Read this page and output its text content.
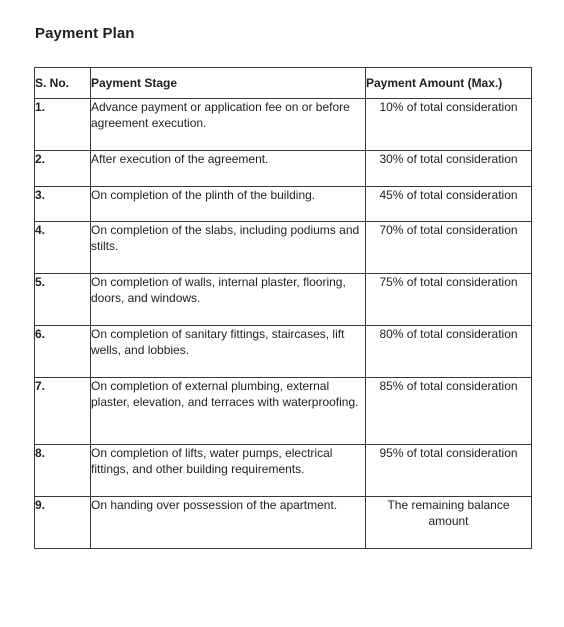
Payment Plan
S. No.	Payment Stage	Payment Amount (Max.)
1.	Advance payment or application fee on or before agreement execution.	10% of total consideration
2.	After execution of the agreement.	30% of total consideration
3.	On completion of the plinth of the building.	45% of total consideration
4.	On completion of the slabs, including podiums and stilts.	70% of total consideration
5.	On completion of walls, internal plaster, flooring, doors, and windows.	75% of total consideration
6.	On completion of sanitary fittings, staircases, lift wells, and lobbies.	80% of total consideration
7.	On completion of external plumbing, external plaster, elevation, and terraces with waterproofing.	85% of total consideration
8.	On completion of lifts, water pumps, electrical fittings, and other building requirements.	95% of total consideration
9.	On handing over possession of the apartment.	The remaining balance amount
